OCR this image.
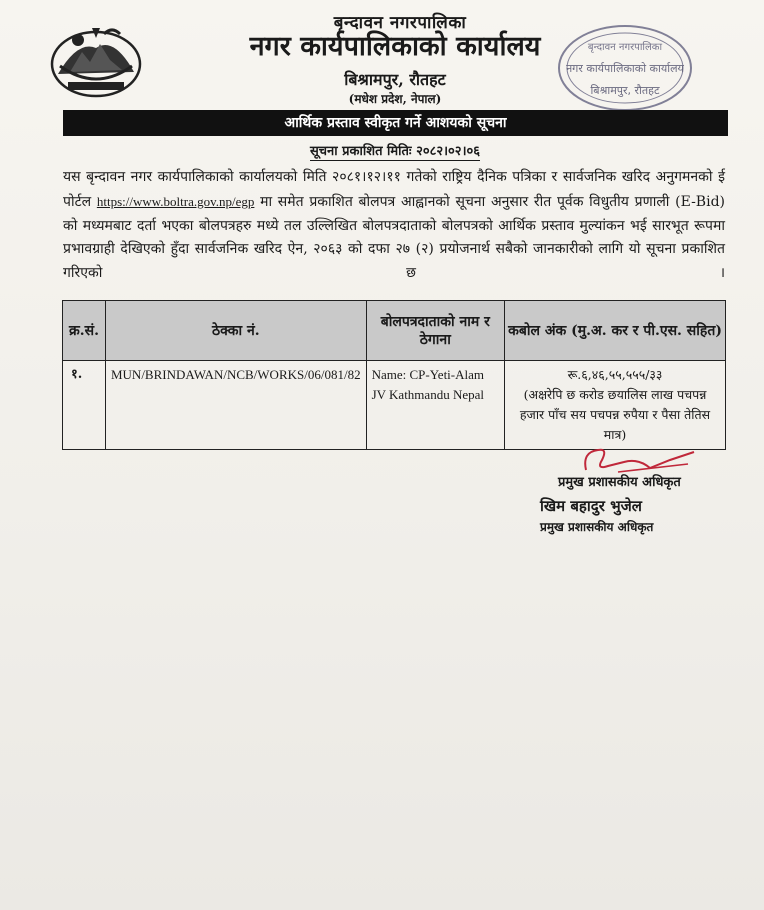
बृन्दावन नगरपालिका
नगर कार्यपालिकाको कार्यालय
बिश्रामपुर, रौतहट
(मधेश प्रदेश, नेपाल)
बृन्दावन नगरपालिका
नगर कार्यपालिकाको कार्यालय
बिश्रामपुर, रौतहट
आर्थिक प्रस्ताव स्वीकृत गर्ने आशयको सूचना
सूचना प्रकाशित मितिः २०८२।०२।०६

यस बृन्दावन नगर कार्यपालिकाको कार्यालयको मिति २०८१।१२।११ गतेको राष्ट्रिय दैनिक पत्रिका र सार्वजनिक खरिद अनुगमनको ई पोर्टल https://www.boltra.gov.np/egp मा समेत प्रकाशित बोलपत्र आह्वानको सूचना अनुसार रीत पूर्वक विधुतीय प्रणाली (E-Bid) को मध्यमबाट दर्ता भएका बोलपत्रहरु मध्ये तल उल्लिखित बोलपत्रदाताको बोलपत्रको आर्थिक प्रस्ताव मुल्यांकन भई सारभूत रूपमा प्रभावग्राही देखिएको हुँदा सार्वजनिक खरिद ऐन, २०६३ को दफा २७ (२) प्रयोजनार्थ सबैको जानकारीको लागि यो सूचना प्रकाशित गरिएको छ ।

क्र.सं.	ठेक्का नं.	बोलपत्रदाताको नाम र ठेगाना	कबोल अंक (मु.अ. कर र पी.एस. सहित)
१.	MUN/BRINDAWAN/NCB/WORKS/06/081/82	Name: CP-Yeti-Alam JV Kathmandu Nepal	रू.६,४६,५५,५५५/३३
(अक्षरेपि छ करोड छयालिस लाख पचपन्न हजार पाँच सय पचपन्न रुपैया र पैसा तेतिस मात्र)
प्रमुख प्रशासकीय अधिकृत
खिम बहादुर भुजेल
प्रमुख प्रशासकीय अधिकृत
